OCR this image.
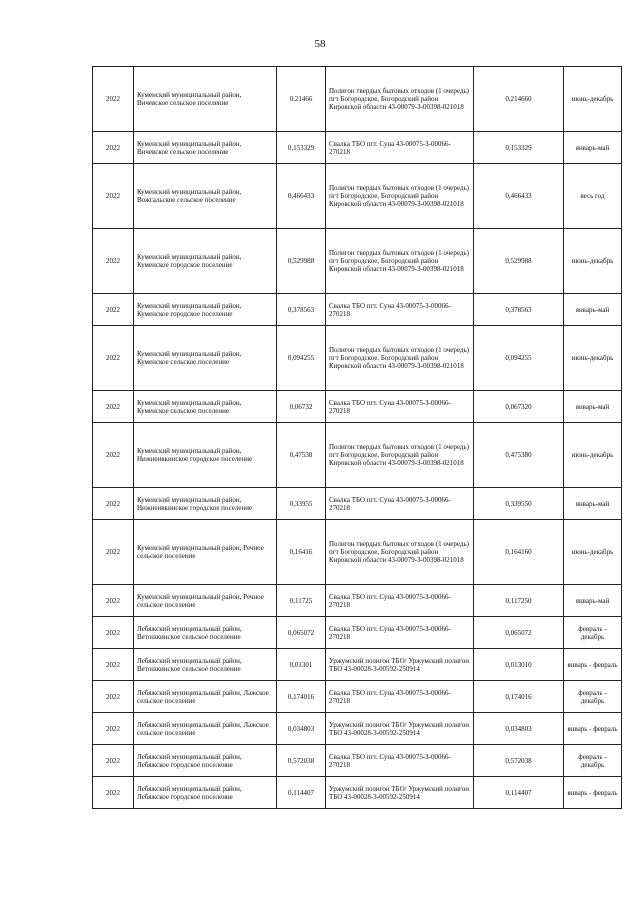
58
2022	Куменский муниципальный район, Вичевское сельское поселение	0,21466	Полигон твердых бытовых отходов (1 очередь) пгт Богородское, Богородский район Кировской области 43-00079-З-00398-021018	0,214660	июнь-декабрь
2022	Куменский муниципальный район, Вичевское сельское поселение	0,153329	Свалка ТБО пгт. Суна 43-00075-З-00066-270218	0,153329	январь-май
2022	Куменский муниципальный район, Вожгальское сельское поселение	0,466433	Полигон твердых бытовых отходов (1 очередь) пгт Богородское, Богородский район Кировской области 43-00079-З-00398-021018	0,466433	весь год
2022	Куменский муниципальный район, Куменское городское поселение	0,529988	Полигон твердых бытовых отходов (1 очередь) пгт Богородское, Богородский район Кировской области 43-00079-З-00398-021018	0,529988	июнь-декабрь
2022	Куменский муниципальный район, Куменское городское поселение	0,378563	Свалка ТБО пгт. Суна 43-00075-З-00066-270218	0,378563	январь-май
2022	Куменский муниципальный район, Куменское сельское поселение	0,094255	Полигон твердых бытовых отходов (1 очередь) пгт Богородское, Богородский район Кировской области 43-00079-З-00398-021018	0,094255	июнь-декабрь
2022	Куменский муниципальный район, Куменское сельское поселение	0,06732	Свалка ТБО пгт. Суна 43-00075-З-00066-270218	0,067320	январь-май
2022	Куменский муниципальный район, Нижнеивкинское городское поселение	0,47538	Полигон твердых бытовых отходов (1 очередь) пгт Богородское, Богородский район Кировской области 43-00079-З-00398-021018	0,475380	июнь-декабрь
2022	Куменский муниципальный район, Нижнеивкинское городское поселение	0,33955	Свалка ТБО пгт. Суна 43-00075-З-00066-270218	0,339550	январь-май
2022	Куменский муниципальный район, Речное сельское поселение	0,16416	Полигон твердых бытовых отходов (1 очередь) пгт Богородское, Богородский район Кировской области 43-00079-З-00398-021018	0,164160	июнь-декабрь
2022	Куменский муниципальный район, Речное сельское поселение	0,11725	Свалка ТБО пгт. Суна 43-00075-З-00066-270218	0,117250	январь-май
2022	Лебяжский муниципальный район, Ветошкинское сельское поселение	0,065072	Свалка ТБО пгт. Суна 43-00075-З-00066-270218	0,065072	февраль - декабрь
2022	Лебяжский муниципальный район, Ветошкинское сельское поселение	0,01301	Уржумский полигон ТБО/ Уржумский полигон ТБО 43-00028-З-00592-250914	0,013010	январь - февраль
2022	Лебяжский муниципальный район, Лажское сельское поселение	0,174016	Свалка ТБО пгт. Суна 43-00075-З-00066-270218	0,174016	февраль - декабрь
2022	Лебяжский муниципальный район, Лажское сельское поселение	0,034803	Уржумский полигон ТБО/ Уржумский полигон ТБО 43-00028-З-00592-250914	0,034803	январь - февраль
2022	Лебяжский муниципальный район, Лебяжское городское поселение	0,572038	Свалка ТБО пгт. Суна 43-00075-З-00066-270218	0,572038	февраль - декабрь
2022	Лебяжский муниципальный район, Лебяжское городское поселение	0,114407	Уржумский полигон ТБО/ Уржумский полигон ТБО 43-00028-З-00592-250914	0,114407	январь - февраль
